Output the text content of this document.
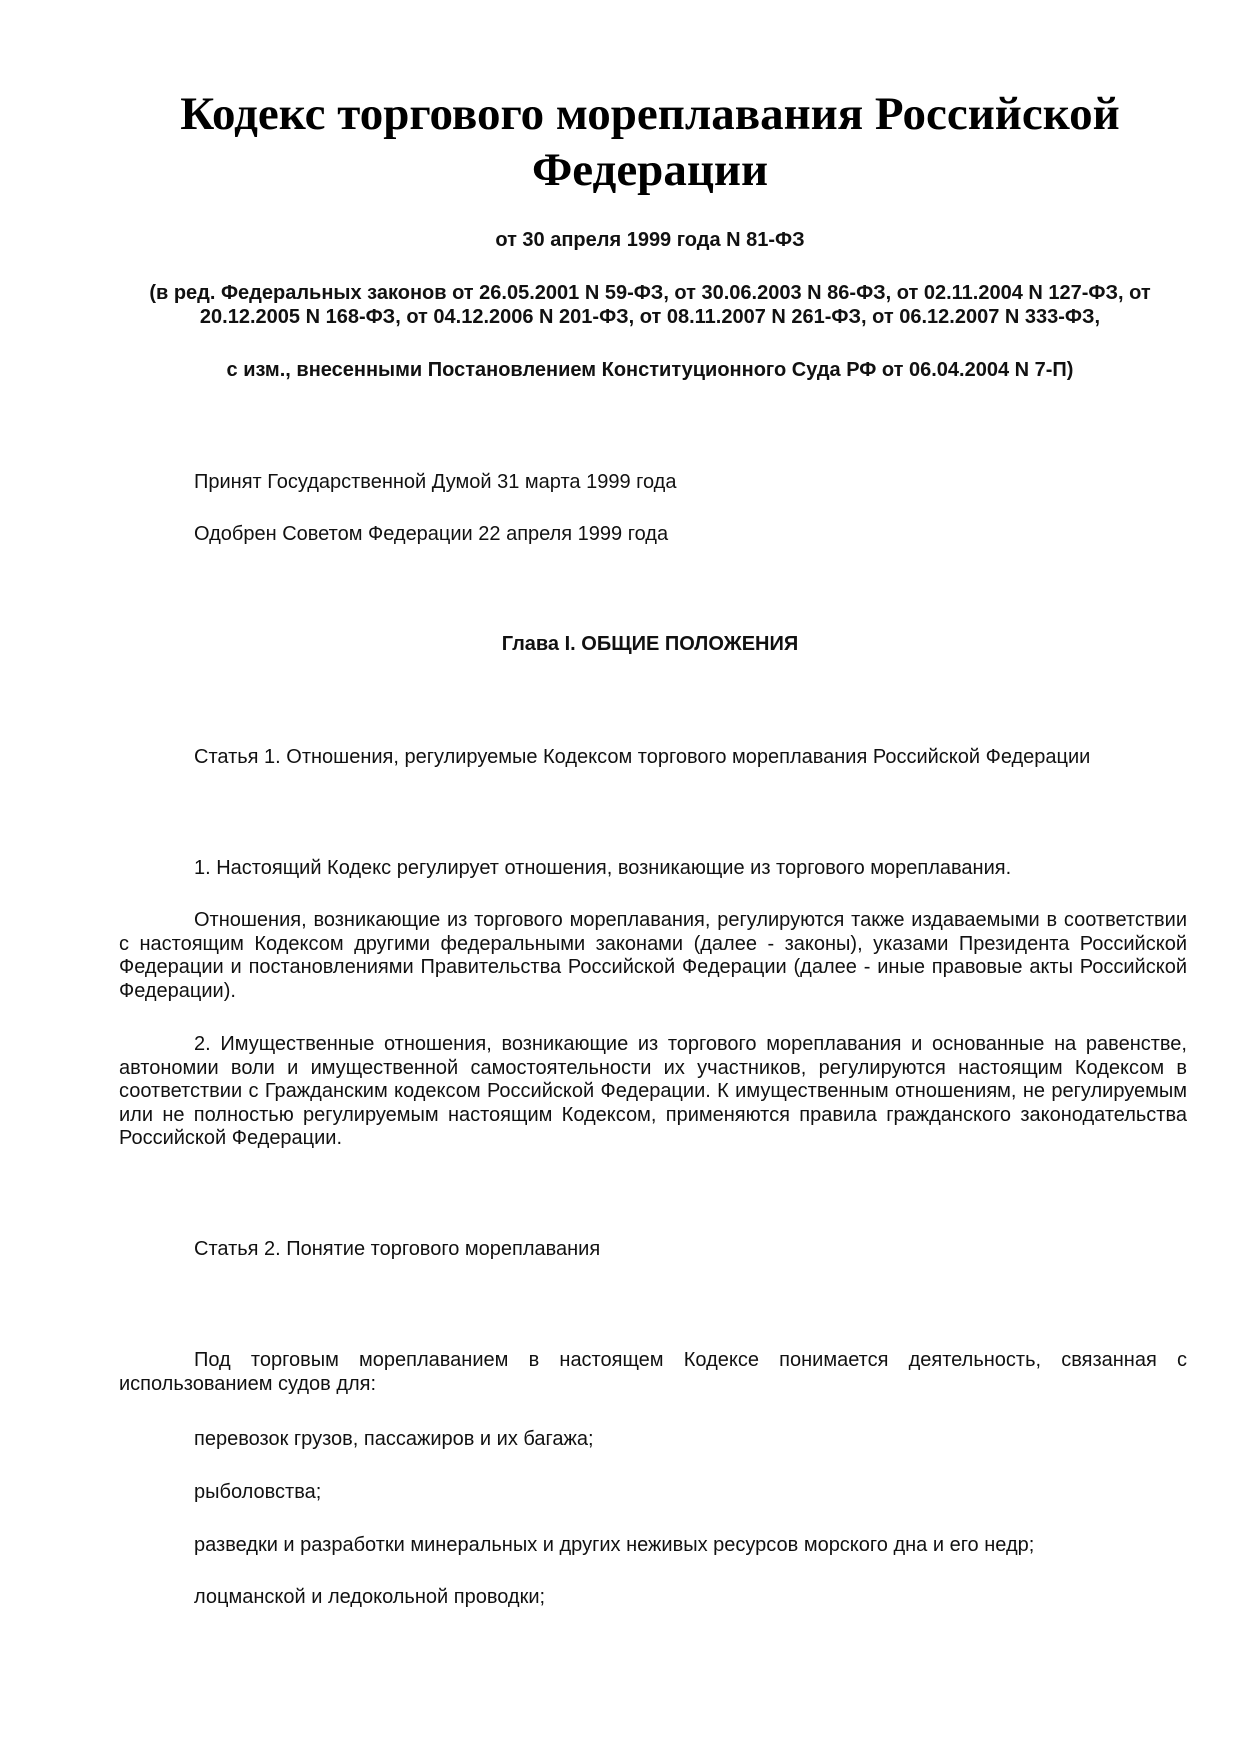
Кодекс торгового мореплавания Российской Федерации
от 30 апреля 1999 года N 81-ФЗ
(в ред. Федеральных законов от 26.05.2001 N 59-ФЗ, от 30.06.2003 N 86-ФЗ, от 02.11.2004 N 127-ФЗ, от 20.12.2005 N 168-ФЗ, от 04.12.2006 N 201-ФЗ, от 08.11.2007 N 261-ФЗ, от 06.12.2007 N 333-ФЗ,
с изм., внесенными Постановлением Конституционного Суда РФ от 06.04.2004 N 7-П)
Принят Государственной Думой 31 марта 1999 года
Одобрен Советом Федерации 22 апреля 1999 года
Глава I. ОБЩИЕ ПОЛОЖЕНИЯ
Статья 1. Отношения, регулируемые Кодексом торгового мореплавания Российской Федерации
1. Настоящий Кодекс регулирует отношения, возникающие из торгового мореплавания.
Отношения, возникающие из торгового мореплавания, регулируются также издаваемыми в соответствии с настоящим Кодексом другими федеральными законами (далее - законы), указами Президента Российской Федерации и постановлениями Правительства Российской Федерации (далее - иные правовые акты Российской Федерации).
2. Имущественные отношения, возникающие из торгового мореплавания и основанные на равенстве, автономии воли и имущественной самостоятельности их участников, регулируются настоящим Кодексом в соответствии с Гражданским кодексом Российской Федерации. К имущественным отношениям, не регулируемым или не полностью регулируемым настоящим Кодексом, применяются правила гражданского законодательства Российской Федерации.
Статья 2. Понятие торгового мореплавания
Под торговым мореплаванием в настоящем Кодексе понимается деятельность, связанная с использованием судов для:
перевозок грузов, пассажиров и их багажа;
рыболовства;
разведки и разработки минеральных и других неживых ресурсов морского дна и его недр;
лоцманской и ледокольной проводки;
